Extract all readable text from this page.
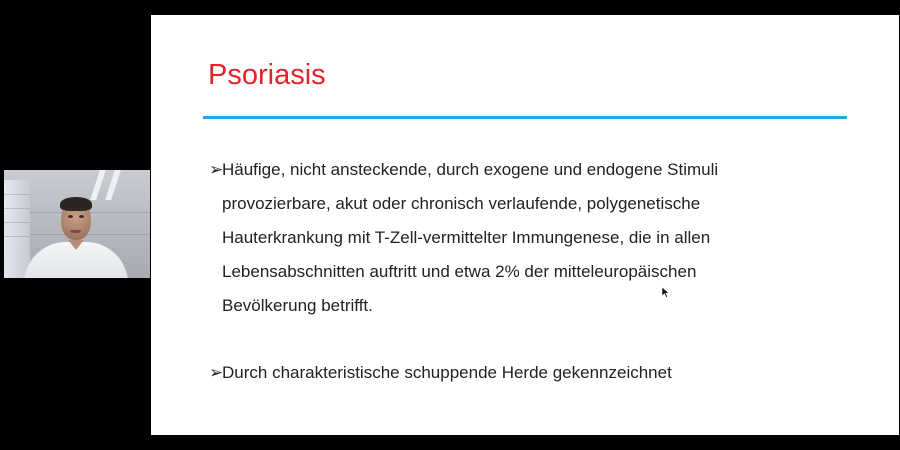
Psoriasis
➢
Häufige, nicht ansteckende, durch exogene und endogene Stimuli
provozierbare, akut oder chronisch verlaufende, polygenetische
Hauterkrankung mit T-Zell-vermittelter Immungenese, die in allen
Lebensabschnitten auftritt und etwa 2% der mitteleuropäischen
Bevölkerung betrifft.
➢
Durch charakteristische schuppende Herde gekennzeichnet
